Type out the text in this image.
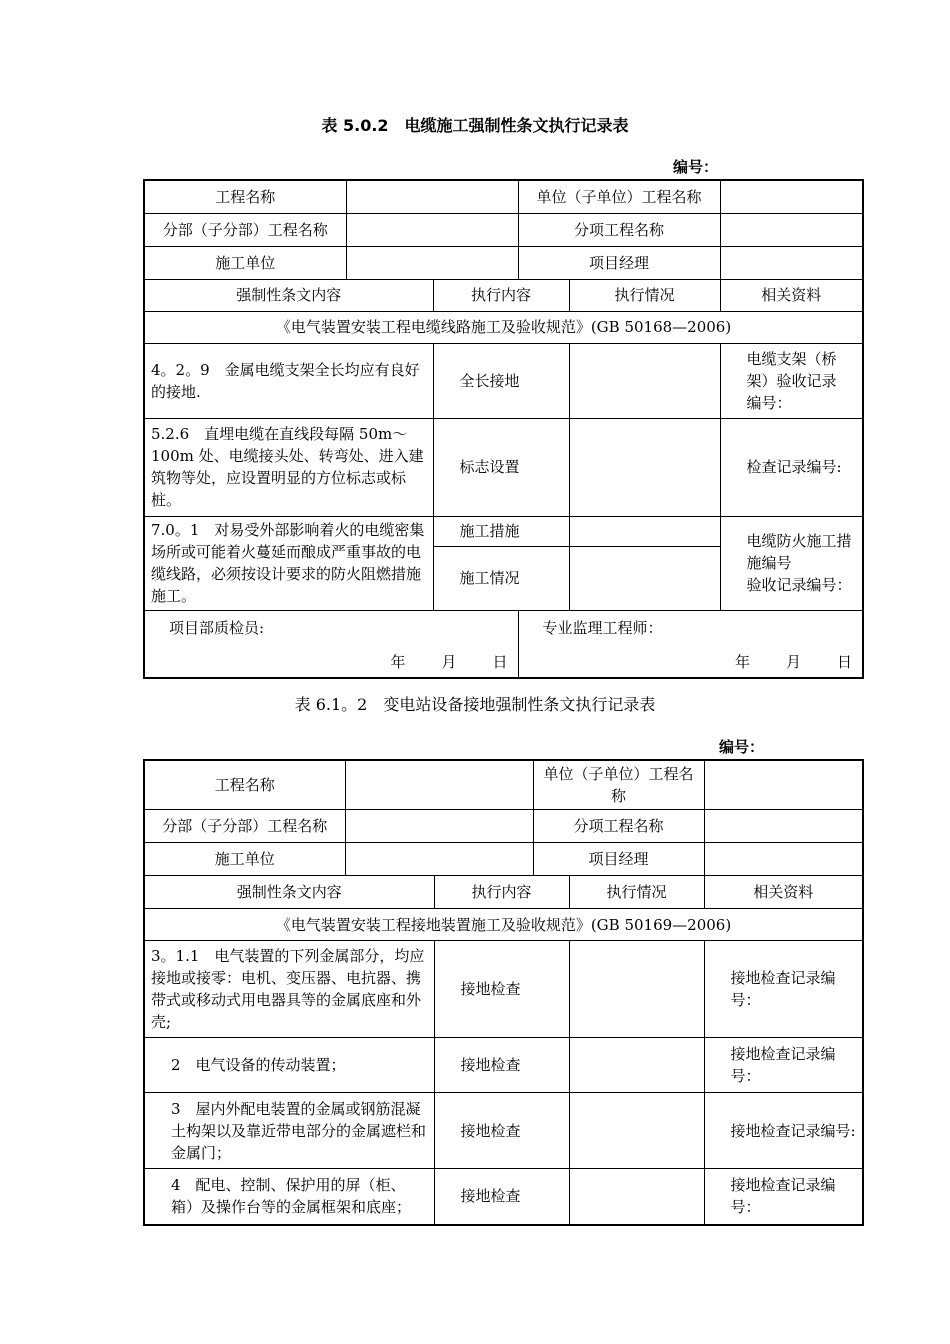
表 5.0.2　电缆施工强制性条文执行记录表
编号：
工程名称			单位（子单位）工程名称		
分部（子分部）工程名称			分项工程名称		
施工单位			项目经理		
强制性条文内容		执行内容		执行情况	相关资料
《电气装置安装工程电缆线路施工及验收规范》(GB 50168—2006)					
4。2。9　金属电缆支架全长均应有良好的接地.		全长接地			电缆支架（桥架）验收记录
编号：

5.2.6　直埋电缆在直线段每隔 50m～100m 处、电缆接头处、转弯处、进入建筑物等处，应设置明显的方位标志或标桩。		标志设置			检查记录编号:
7.0。1　对易受外部影响着火的电缆密集场所或可能着火蔓延而酿成严重事故的电缆线路，必须按设计要求的防火阻燃措施施工。		施工措施			电缆防火施工措施编号
验收记录编号：

		施工情况			

项目部质检员:
年 月 日			专业监理工程师：
年 月 日		
表 6.1。2　变电站设备接地强制性条文执行记录表
编号：
工程名称			单位（子单位）工程名称		
分部（子分部）工程名称			分项工程名称		
施工单位			项目经理		
强制性条文内容		执行内容		执行情况	相关资料
《电气装置安装工程接地装置施工及验收规范》(GB 50169—2006)					
3。1.1　电气装置的下列金属部分，均应接地或接零：电机、变压器、电抗器、携带式或移动式用电器具等的金属底座和外壳;		接地检查			接地检查记录编号：
2　电气设备的传动装置；		接地检查			接地检查记录编号：
3　屋内外配电装置的金属或钢筋混凝土构架以及靠近带电部分的金属遮栏和金属门；		接地检查			接地检查记录编号:
4　配电、控制、保护用的屏（柜、箱）及操作台等的金属框架和底座；		接地检查			接地检查记录编号：
